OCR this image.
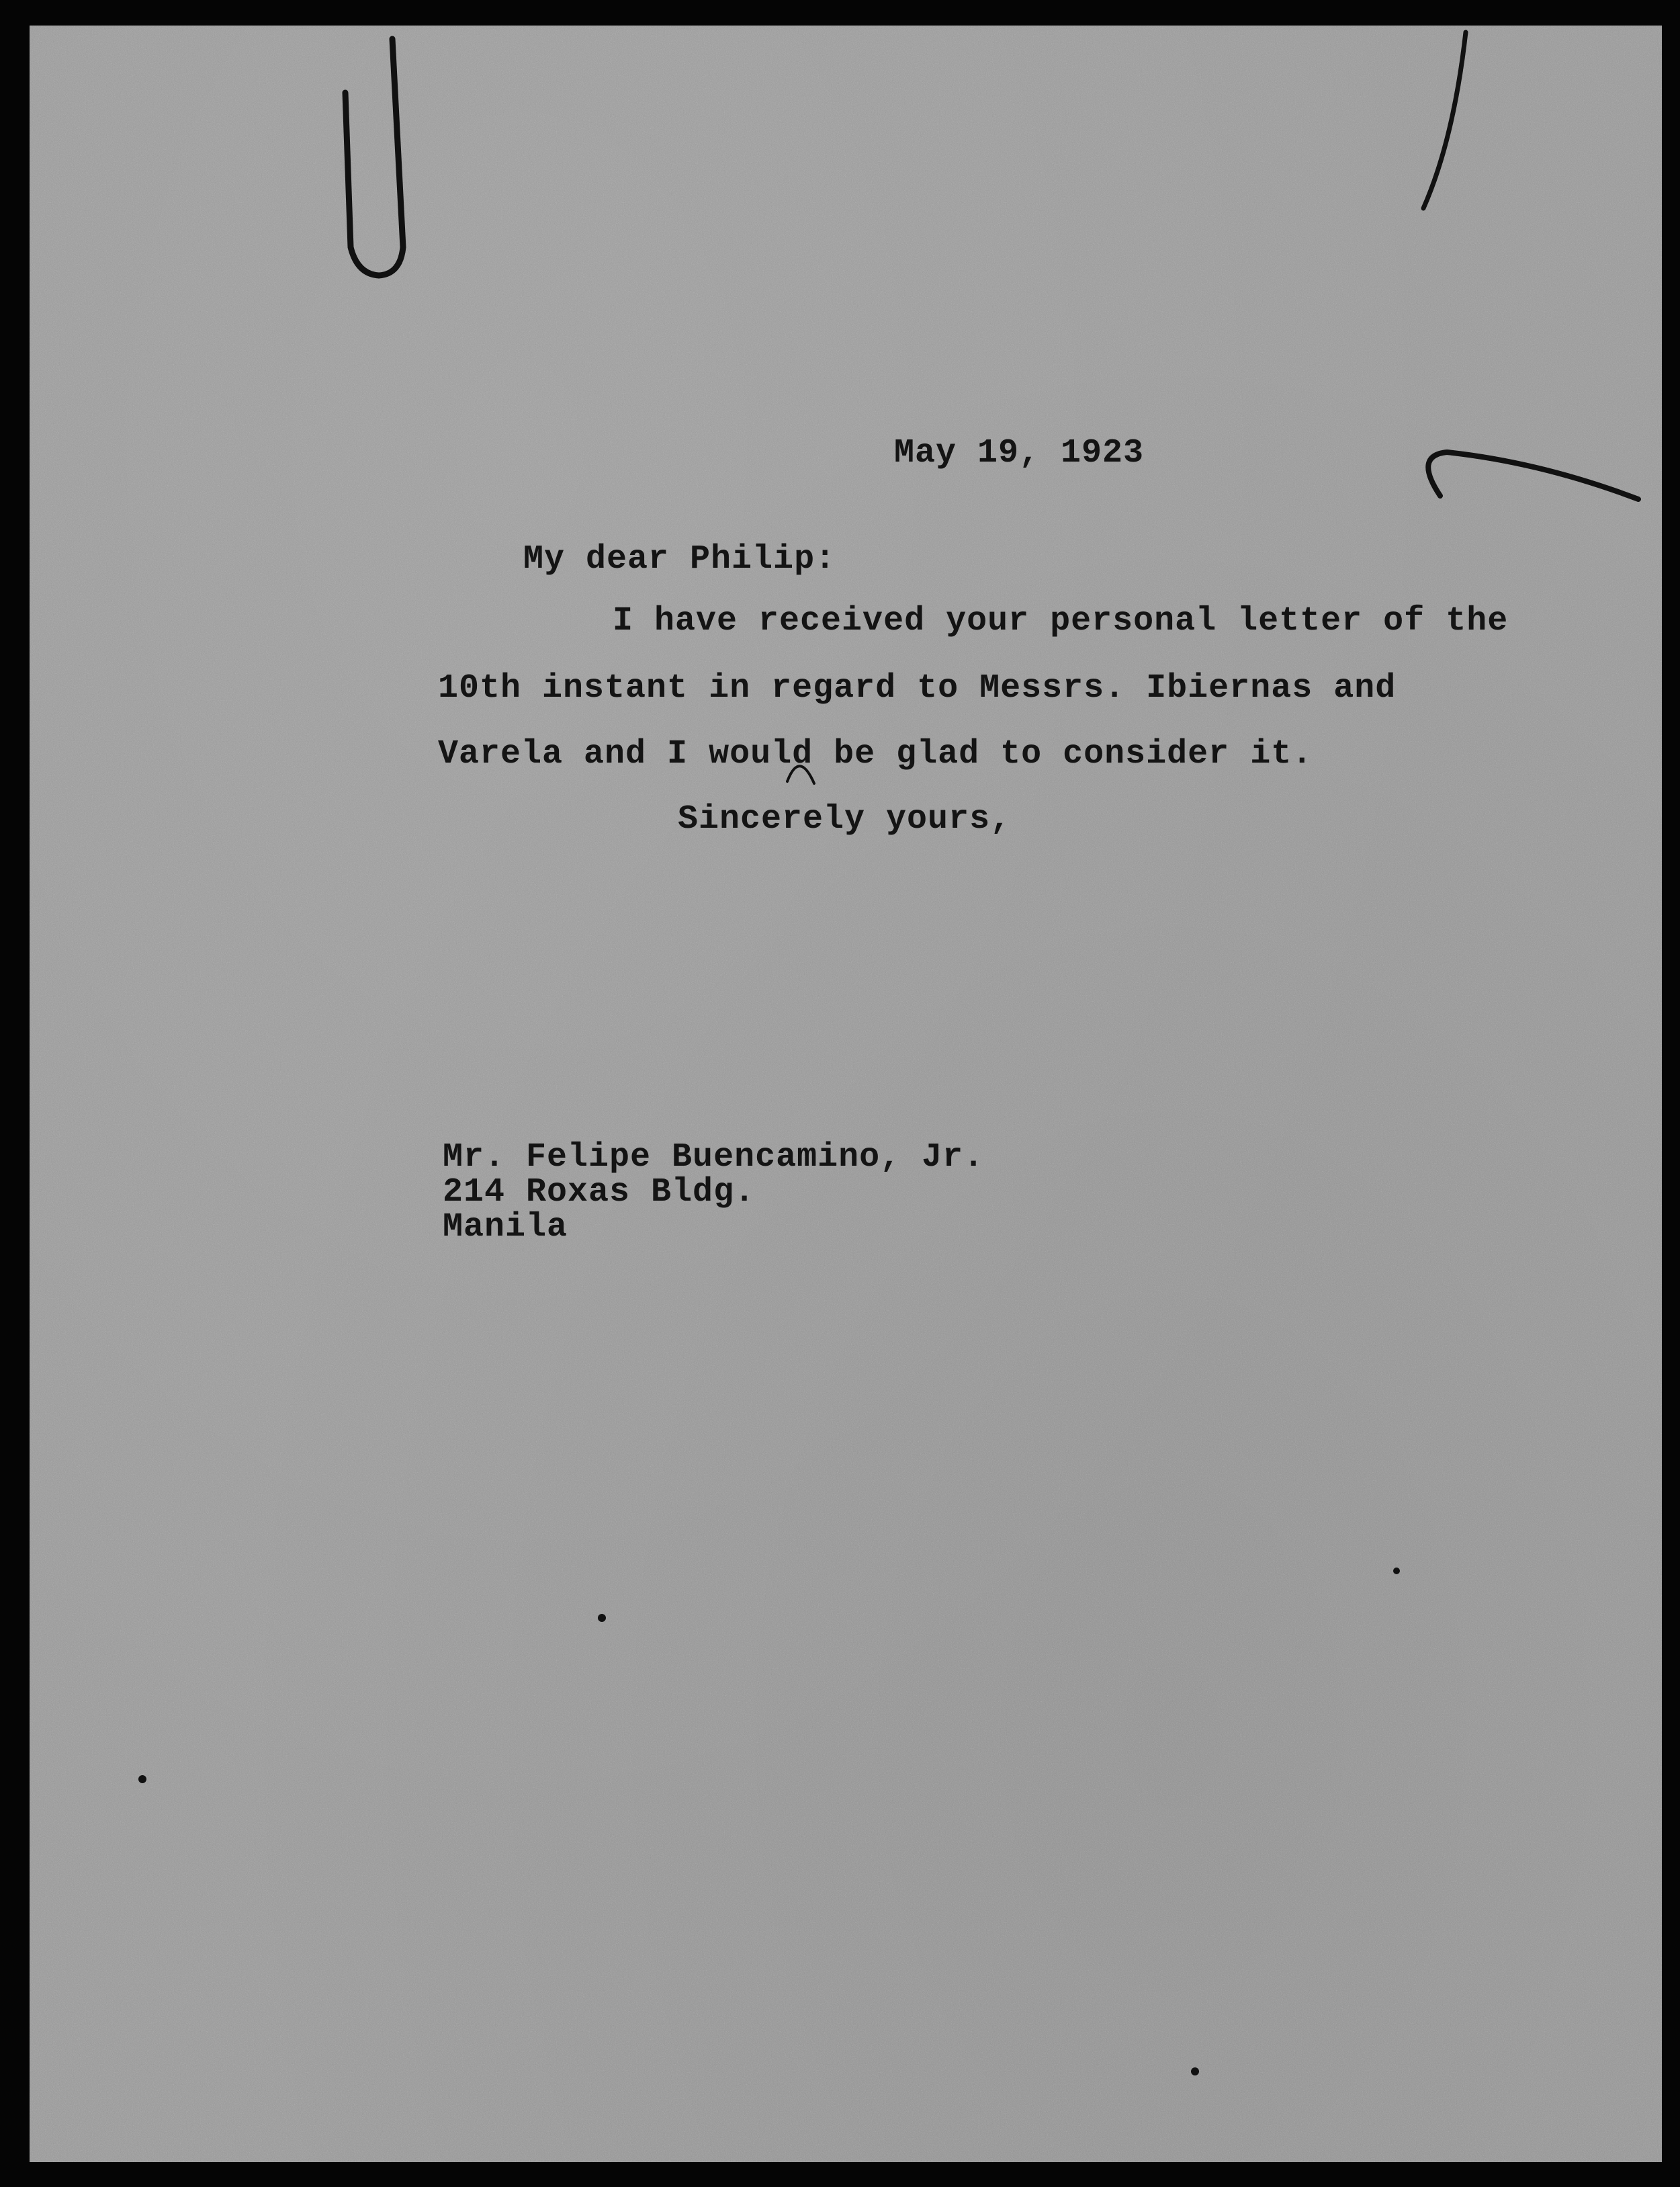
May 19, 1923
My dear Philip:
I have received your personal letter of the
10th instant in regard to Messrs. Ibiernas and
Varela and I would be glad to consider it.
Sincerely yours,
Mr. Felipe Buencamino, Jr.
214 Roxas Bldg.
Manila
